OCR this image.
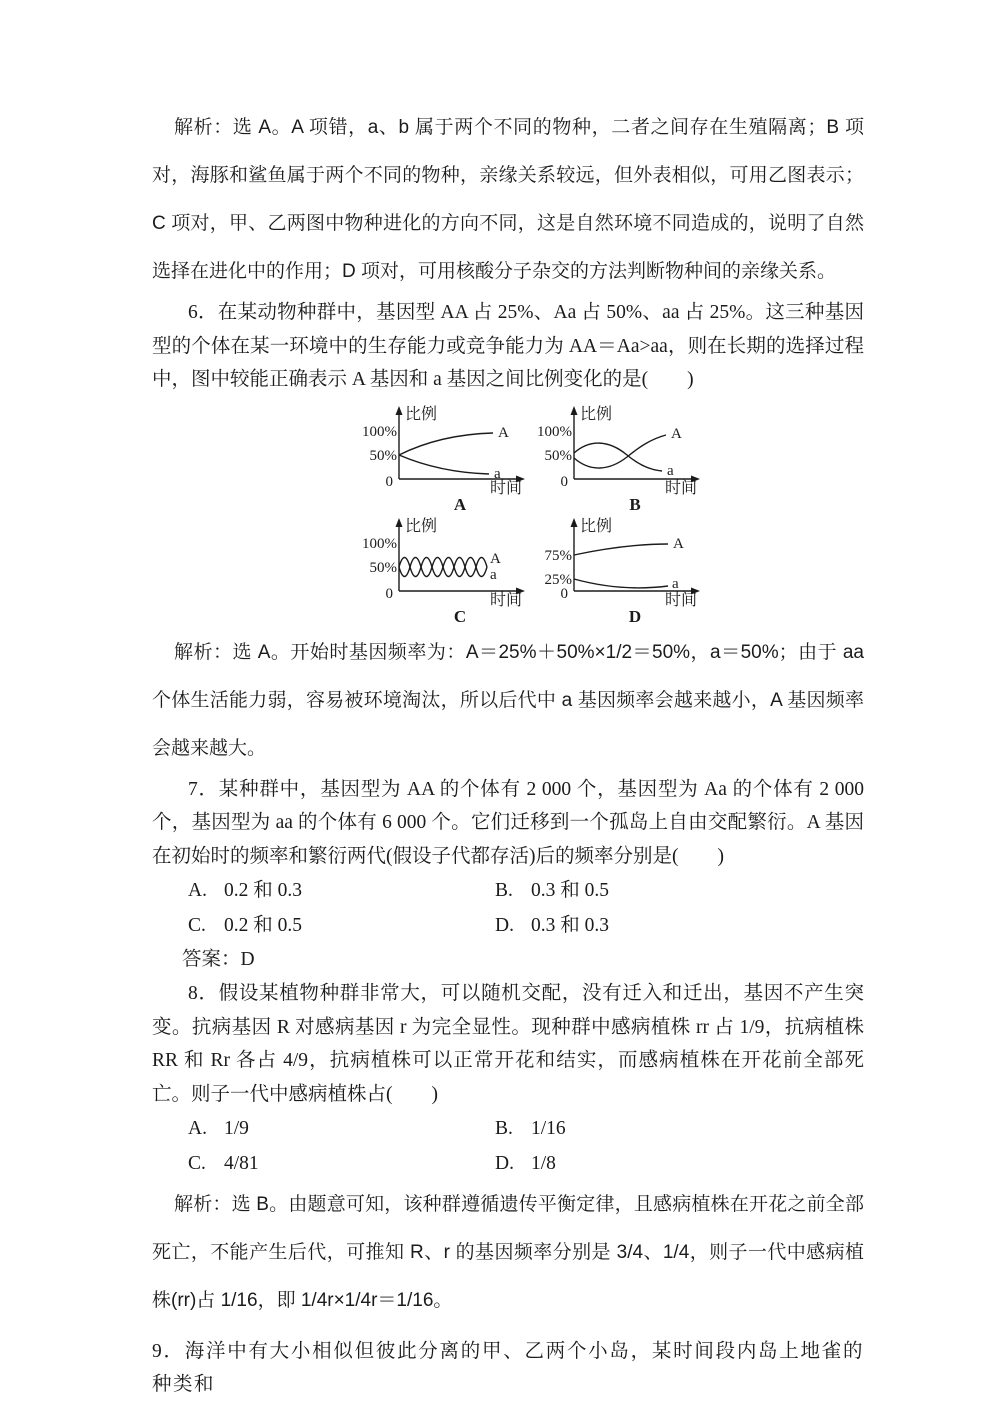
解析：选 A。A 项错，a、b 属于两个不同的物种，二者之间存在生殖隔离；B 项对，海豚和鲨鱼属于两个不同的物种，亲缘关系较远，但外表相似，可用乙图表示；C 项对，甲、乙两图中物种进化的方向不同，这是自然环境不同造成的，说明了自然选择在进化中的作用；D 项对，可用核酸分子杂交的方法判断物种间的亲缘关系。

6．在某动物种群中，基因型 AA 占 25%、Aa 占 50%、aa 占 25%。这三种基因型的个体在某一环境中的生存能力或竞争能力为 AA＝Aa>aa，则在长期的选择过程中，图中较能正确表示 A 基因和 a 基因之间比例变化的是(　　)

比例
100%
50%
0	时间
A
a
A
比例
100%
50%
0	时间
A
a
B
比例
100%
50%
0	时间
A
a
C
比例
75%
25%
0	时间
A
a
D

解析：选 A。开始时基因频率为：A＝25%＋50%×1/2＝50%，a＝50%；由于 aa 个体生活能力弱，容易被环境淘汰，所以后代中 a 基因频率会越来越小，A 基因频率会越来越大。

7．某种群中，基因型为 AA 的个体有 2 000 个，基因型为 Aa 的个体有 2 000 个，基因型为 aa 的个体有 6 000 个。它们迁移到一个孤岛上自由交配繁衍。A 基因在初始时的频率和繁衍两代(假设子代都存活)后的频率分别是(　　)

A. 0.2 和 0.3	B. 0.3 和 0.5
C. 0.2 和 0.5	D. 0.3 和 0.3

答案：D

8．假设某植物种群非常大，可以随机交配，没有迁入和迁出，基因不产生突变。抗病基因 R 对感病基因 r 为完全显性。现种群中感病植株 rr 占 1/9，抗病植株 RR 和 Rr 各占 4/9，抗病植株可以正常开花和结实，而感病植株在开花前全部死亡。则子一代中感病植株占(　　)

A. 1/9	B. 1/16
C. 4/81	D. 1/8

解析：选 B。由题意可知，该种群遵循遗传平衡定律，且感病植株在开花之前全部死亡，不能产生后代，可推知 R、r 的基因频率分别是 3/4、1/4，则子一代中感病植株(rr)占 1/16，即 1/4r×1/4r＝1/16。

9．海洋中有大小相似但彼此分离的甲、乙两个小岛，某时间段内岛上地雀的种类和
